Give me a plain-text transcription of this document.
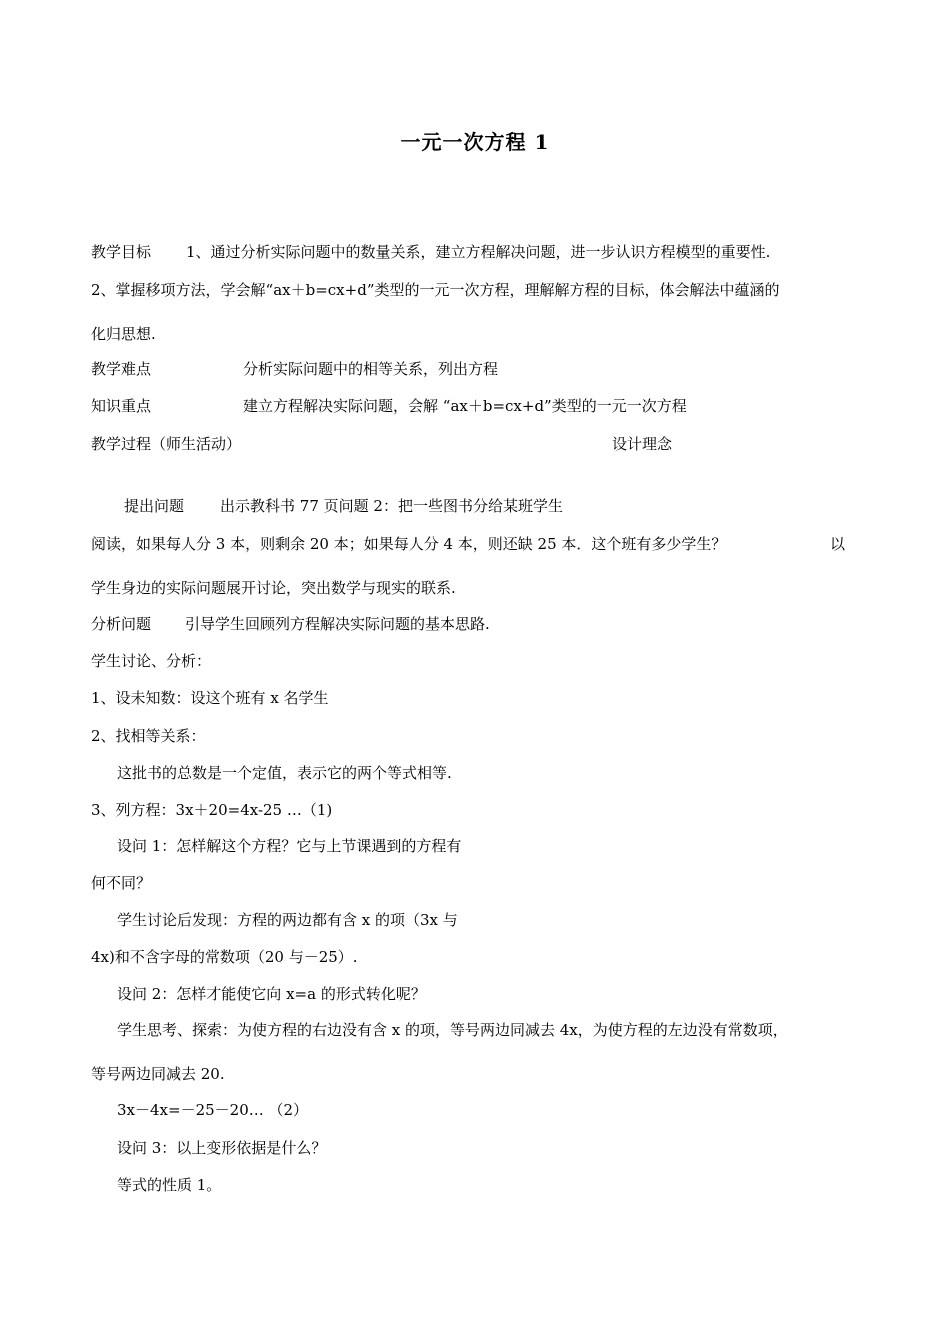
一元一次方程 1
教学目标 1、通过分析实际问题中的数量关系，建立方程解决问题，进一步认识方程模型的重要性.
2、掌握移项方法，学会解“ax＋b=cx+d”类型的一元一次方程，理解解方程的目标，体会解法中蕴涵的
化归思想.
教学难点	分析实际问题中的相等关系，列出方程
知识重点	建立方程解决实际问题，会解 “ax＋b=cx+d”类型的一元一次方程
教学过程（师生活动）	设计理念
提出问题 出示教科书 77 页问题 2：把一些图书分给某班学生
阅读，如果每人分 3 本，则剩余 20 本；如果每人分 4 本，则还缺 25 本．这个班有多少学生？	以
学生身边的实际问题展开讨论，突出数学与现实的联系.
分析问题 引导学生回顾列方程解决实际问题的基本思路.
学生讨论、分析：
1、设未知数：设这个班有 x 名学生
2、找相等关系：
这批书的总数是一个定值，表示它的两个等式相等.
3、列方程：3x＋20=4x-25 …（1)
设问 1：怎样解这个方程？它与上节课遇到的方程有
何不同？
学生讨论后发现：方程的两边都有含 x 的项（3x 与
4x)和不含字母的常数项（20 与－25）.
设问 2：怎样才能使它向 x=a 的形式转化呢？
学生思考、探索：为使方程的右边没有含 x 的项，等号两边同减去 4x，为使方程的左边没有常数项，
等号两边同减去 20.
3x－4x=－25－20… （2）
设问 3：以上变形依据是什么？
等式的性质 1。
